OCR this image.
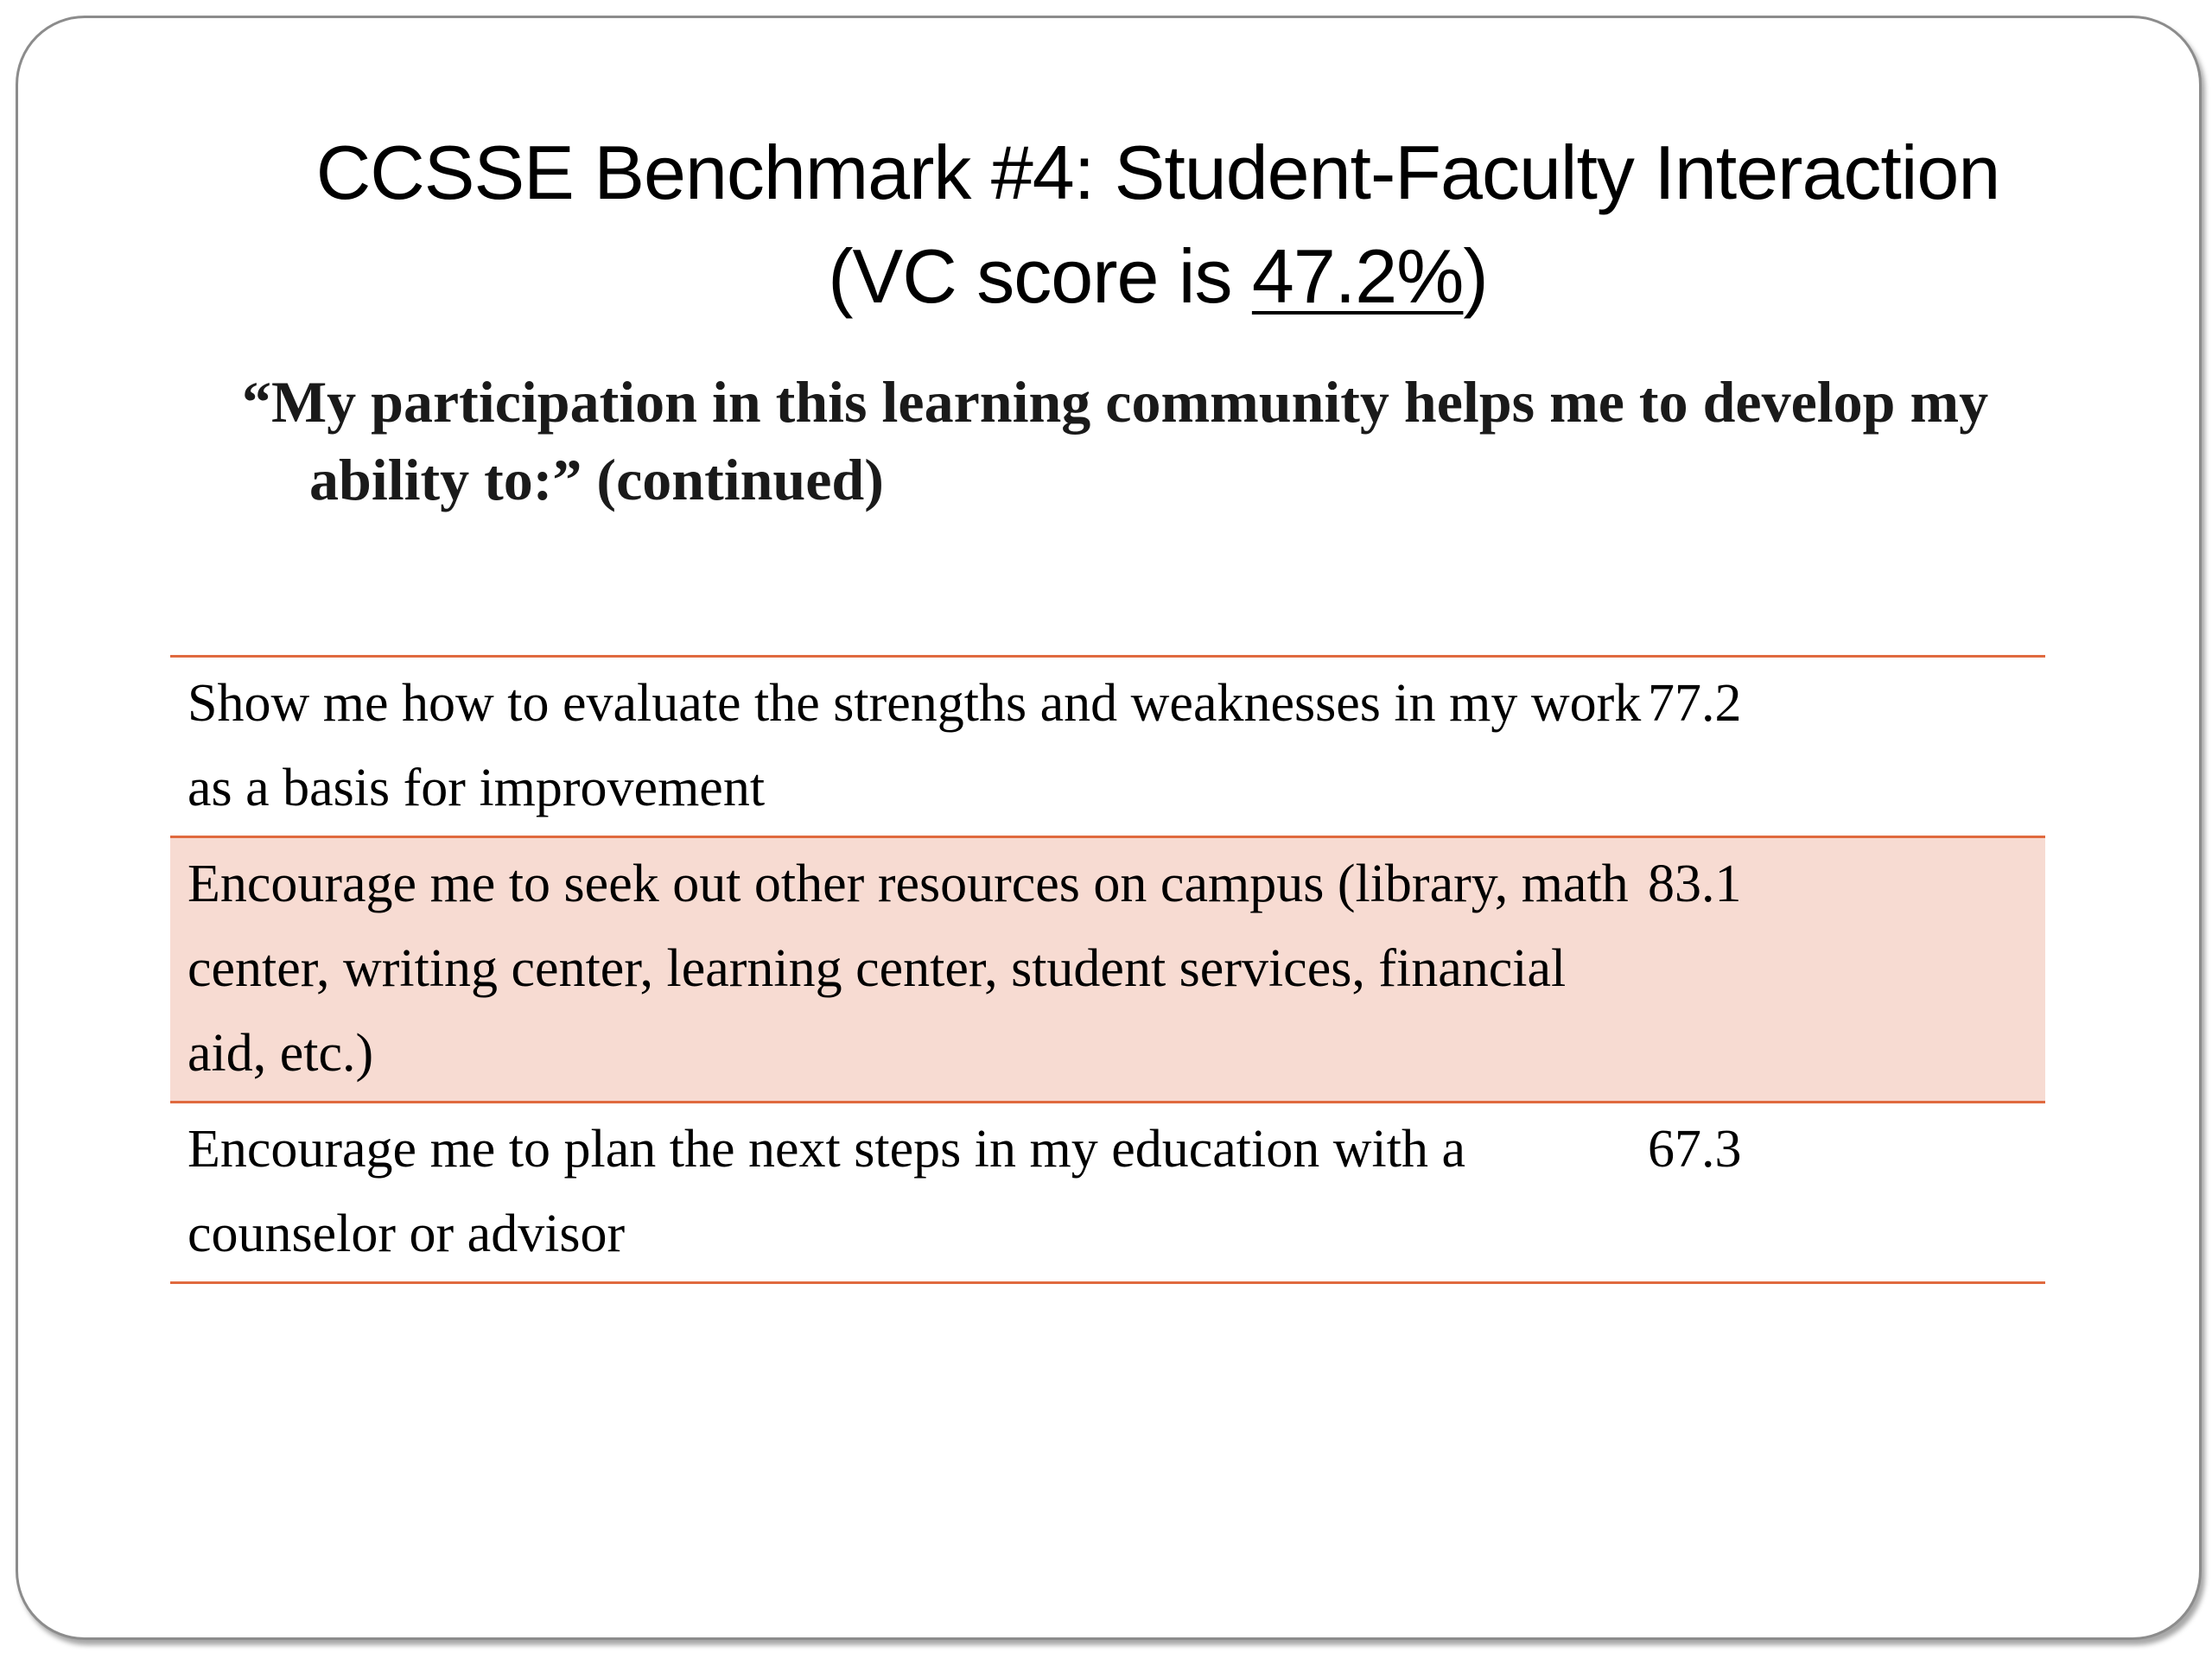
CCSSE Benchmark #4: Student-Faculty Interaction
(VC score is 47.2%)
“My participation in this learning community helps me to develop my ability to:” (continued)
Show me how to evaluate the strengths and weaknesses in my work as a basis for improvement	77.2
Encourage me to seek out other resources on campus (library, math center, writing center, learning center, student services, financial aid, etc.)	83.1
Encourage me to plan the next steps in my education with a counselor or advisor	67.3
